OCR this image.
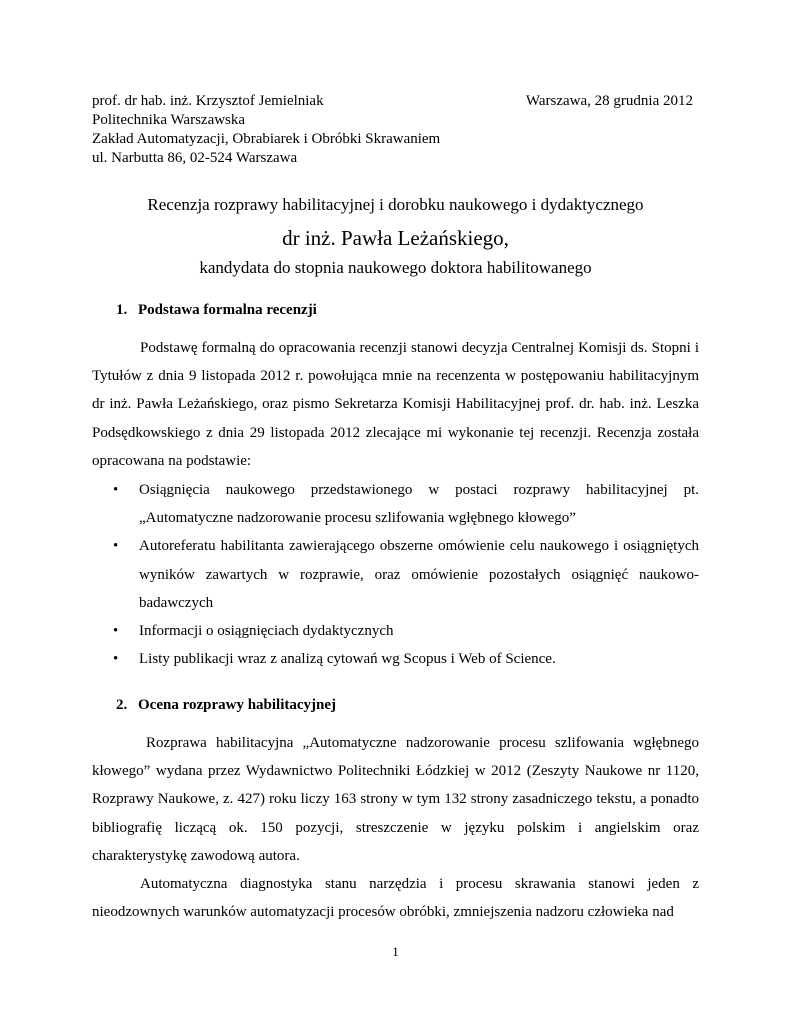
prof. dr hab. inż. Krzysztof Jemielniak
Politechnika Warszawska
Zakład Automatyzacji, Obrabiarek i Obróbki Skrawaniem
ul. Narbutta 86, 02-524 Warszawa
Warszawa, 28 grudnia 2012
Recenzja rozprawy habilitacyjnej i dorobku naukowego i dydaktycznego
dr inż. Pawła Leżańskiego,
kandydata do stopnia naukowego doktora habilitowanego
1. Podstawa formalna recenzji
Podstawę formalną do opracowania recenzji stanowi decyzja Centralnej Komisji ds. Stopni i Tytułów z dnia 9 listopada 2012 r. powołująca mnie na recenzenta w postępowaniu habilitacyjnym dr inż. Pawła Leżańskiego, oraz pismo Sekretarza Komisji Habilitacyjnej prof. dr. hab. inż. Leszka Podsędkowskiego z dnia 29 listopada 2012 zlecające mi wykonanie tej recenzji. Recenzja została opracowana na podstawie:
• Osiągnięcia naukowego przedstawionego w postaci rozprawy habilitacyjnej pt. „Automatyczne nadzorowanie procesu szlifowania wgłębnego kłowego”
• Autoreferatu habilitanta zawierającego obszerne omówienie celu naukowego i osiągniętych wyników zawartych w rozprawie, oraz omówienie pozostałych osiągnięć naukowo-badawczych
• Informacji o osiągnięciach dydaktycznych
• Listy publikacji wraz z analizą cytowań wg Scopus i Web of Science.
2. Ocena rozprawy habilitacyjnej
Rozprawa habilitacyjna „Automatyczne nadzorowanie procesu szlifowania wgłębnego kłowego” wydana przez Wydawnictwo Politechniki Łódzkiej w 2012 (Zeszyty Naukowe nr 1120, Rozprawy Naukowe, z. 427) roku liczy 163 strony w tym 132 strony zasadniczego tekstu, a ponadto bibliografię liczącą ok. 150 pozycji, streszczenie w języku polskim i angielskim oraz charakterystykę zawodową autora.
Automatyczna diagnostyka stanu narzędzia i procesu skrawania stanowi jeden z nieodzownych warunków automatyzacji procesów obróbki, zmniejszenia nadzoru człowieka nad
1
